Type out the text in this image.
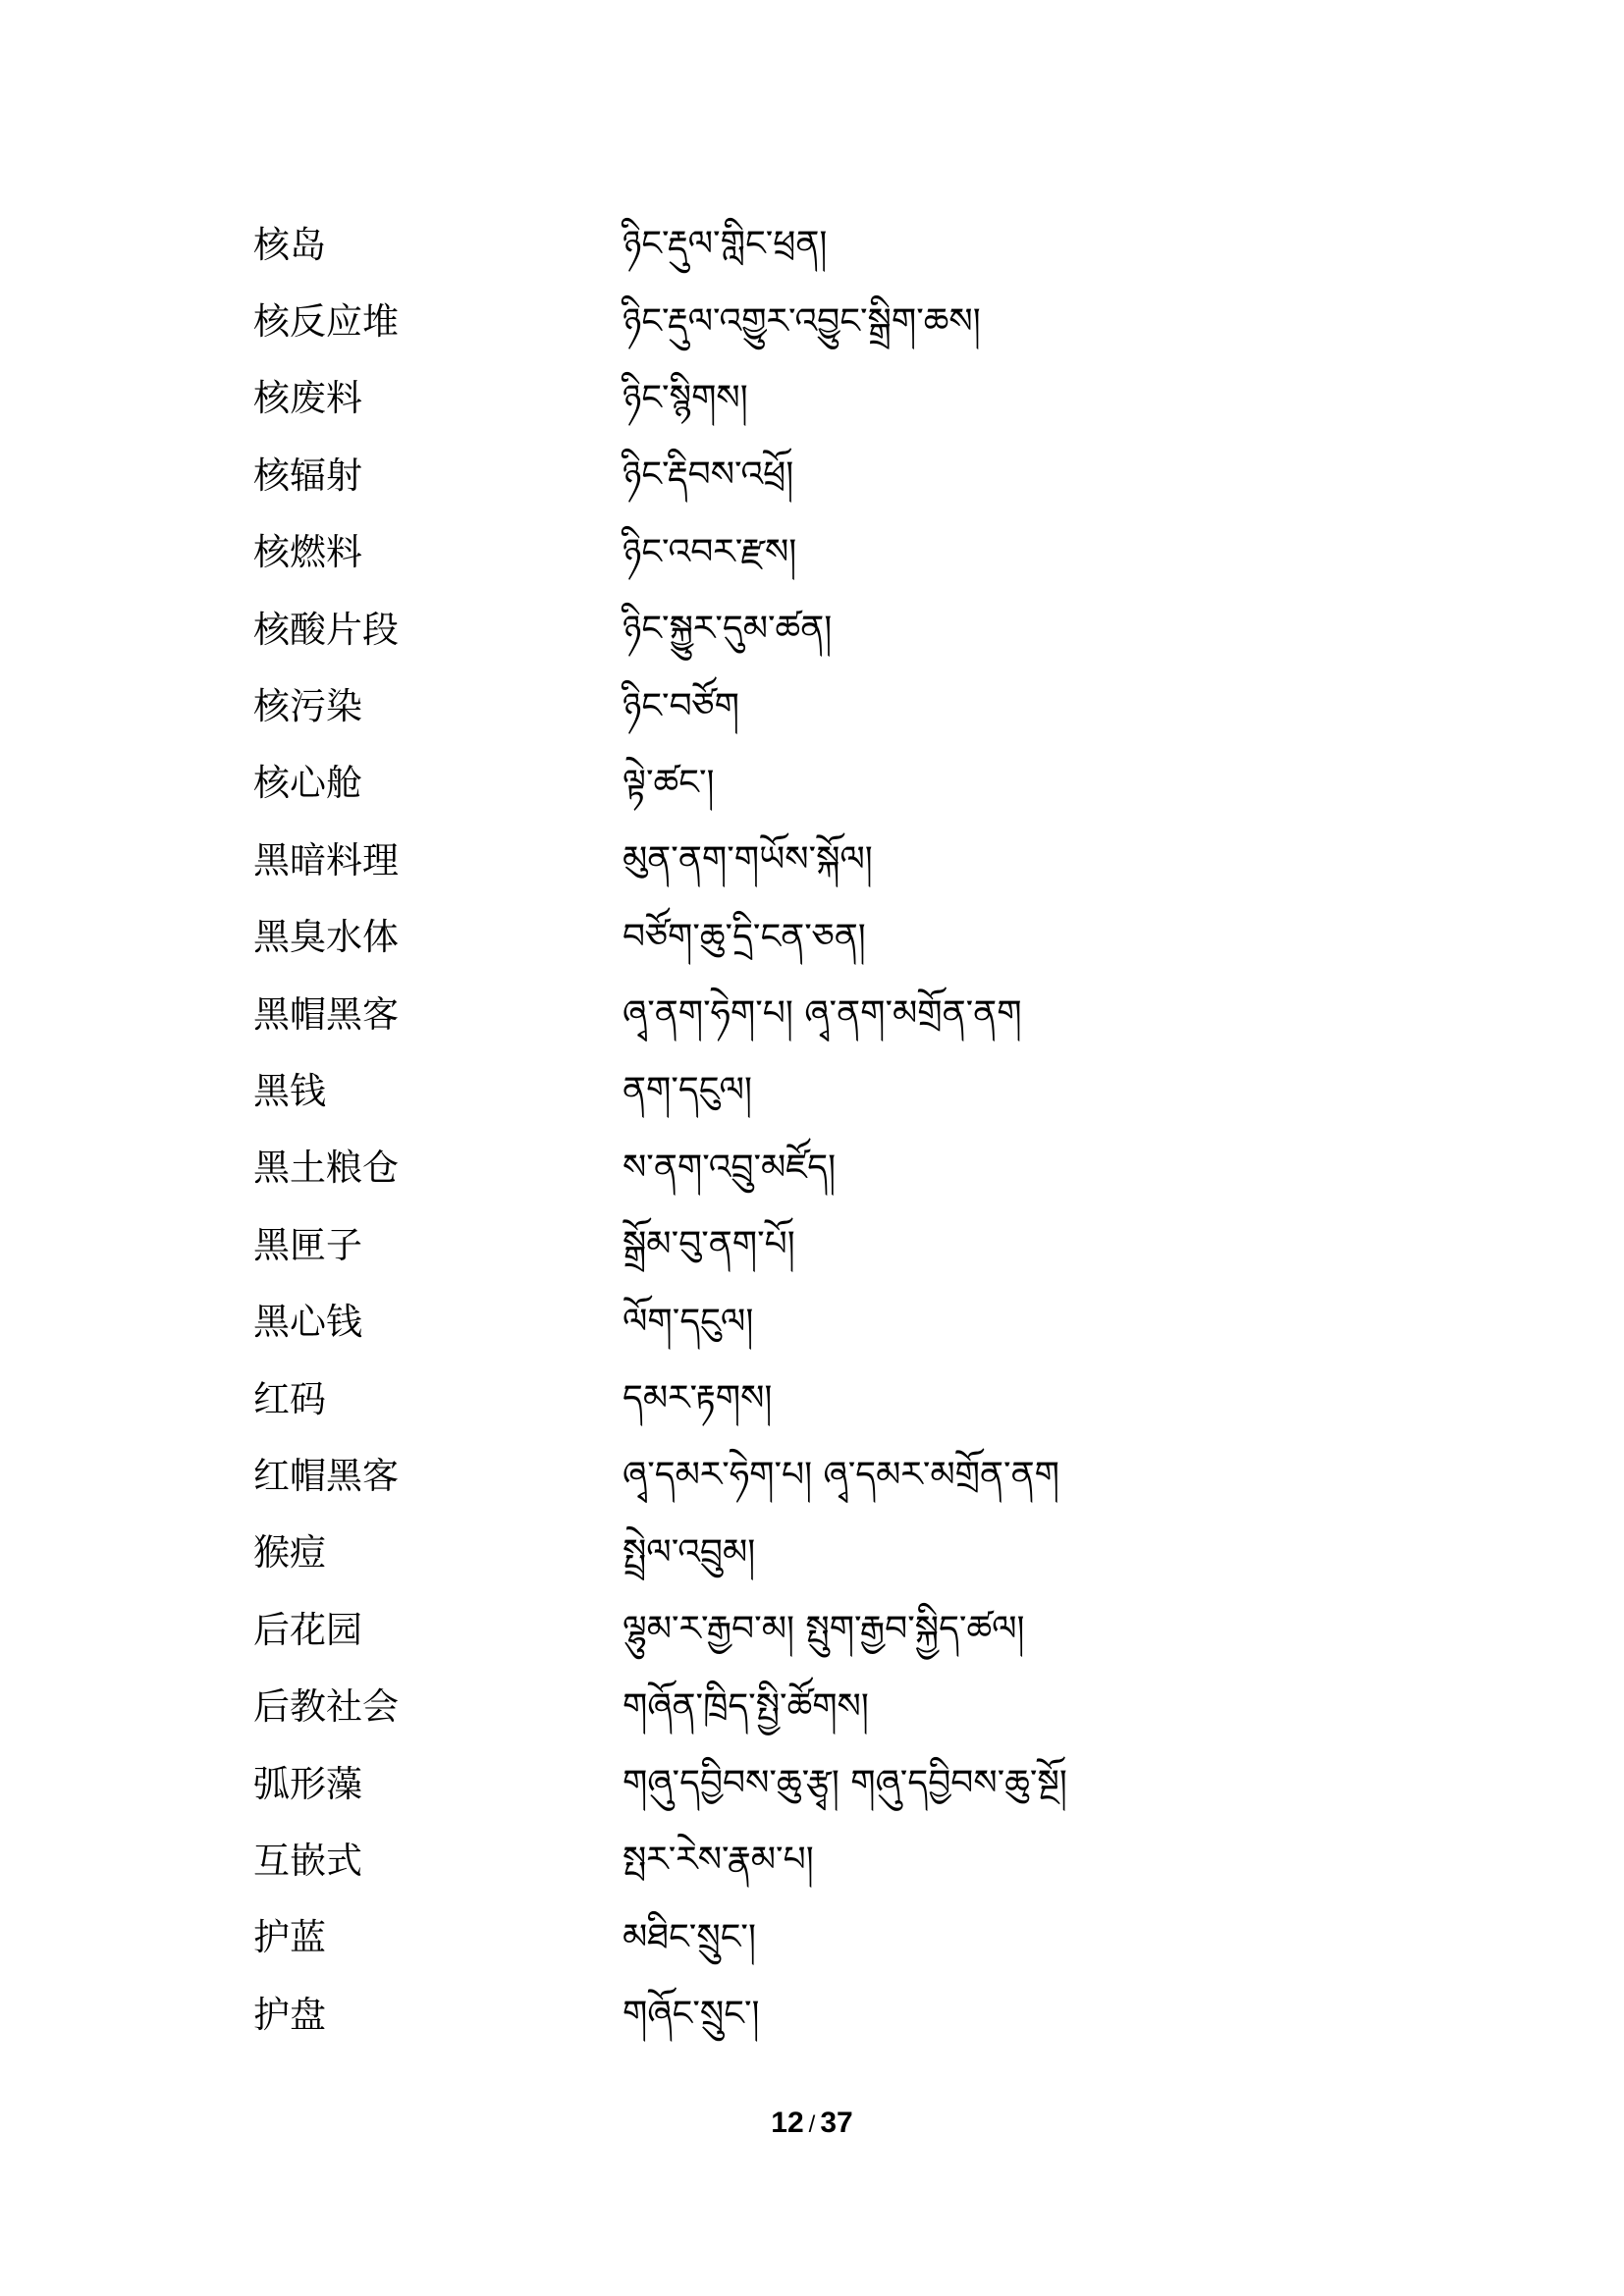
核岛	ཉིང་རྡུལ་གླིང་ཕྲན།
核反应堆	ཉིང་རྡུལ་འགྱུར་འབྱུང་སྒྲིག་ཆས།
核废料	ཉིང་སྙིགས།
核辐射	ཉིང་རྡིབས་འཕྲོ།
核燃料	ཉིང་འབར་རྫས།
核酸片段	ཉིང་སྐྱུར་དུམ་ཚན།
核污染	ཉིང་བཙོག
核心舱	ལྟེ་ཚང་།
黑暗料理	མུན་ནག་གཡོས་སྐོལ།
黑臭水体	བཙོག་ཆུ་དྲི་ངན་ཅན།
黑帽黑客	ཞྭ་ནག་ཧེག་པ། ཞྭ་ནག་མགྲོན་ནག
黑钱	ནག་དངུལ།
黑土粮仓	ས་ནག་འབྲུ་མཛོད།
黑匣子	སྒྲོམ་བུ་ནག་པོ།
黑心钱	ལོག་དངུལ།
红码	དམར་རྟགས།
红帽黑客	ཞྭ་དམར་ཧེག་པ། ཞྭ་དམར་མགྲོན་ནག
猴痘	སྤྲེལ་འབྲུམ།
后花园	ལྷུམ་ར་རྒྱབ་མ། སྤུག་རྒྱབ་སྐྱིད་ཚལ།
后教社会	གཞོན་ཁྲིད་སྤྱི་ཚོགས།
弧形藻	གཞུ་དབྱིབས་ཆུ་རྩྭ། གཞུ་དབྱིབས་ཆུ་སྔོ།
互嵌式	སྤར་རེས་རྣམ་པ།
护蓝	མཐིང་སྲུང་།
护盘	གཞོང་སྲུང་།
12 / 37
